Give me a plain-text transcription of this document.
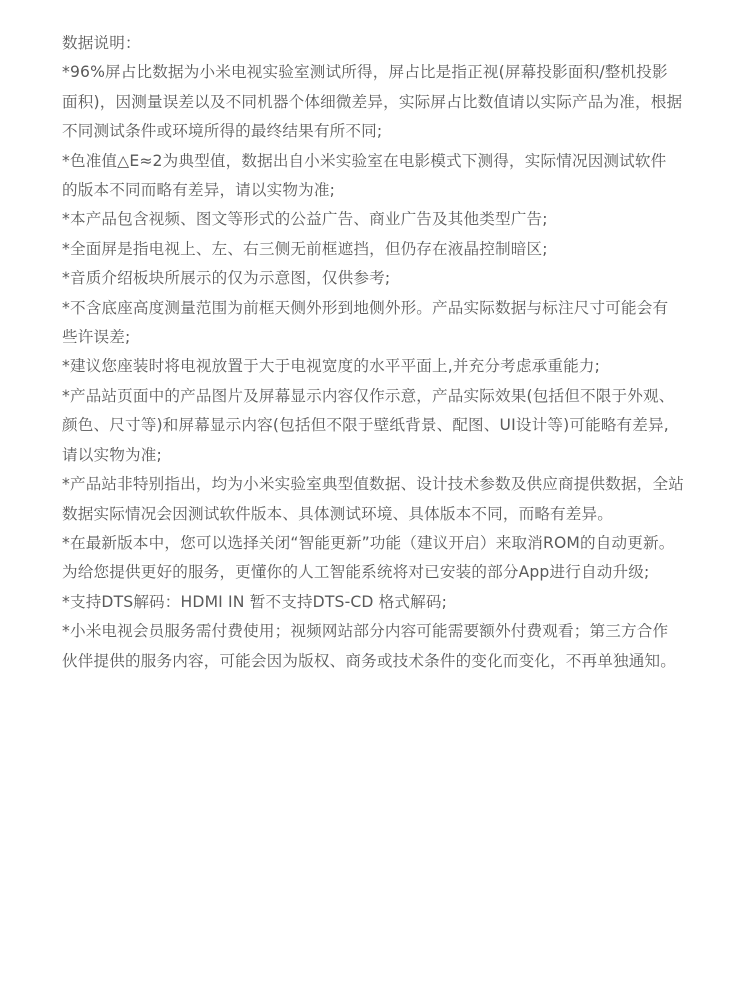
数据说明：

*96%屏占比数据为小米电视实验室测试所得，屏占比是指正视(屏幕投影面积/整机投影
面积)，因测量误差以及不同机器个体细微差异，实际屏占比数值请以实际产品为准，根据
不同测试条件或环境所得的最终结果有所不同;

*色准值△E≈2为典型值，数据出自小米实验室在电影模式下测得，实际情况因测试软件
的版本不同而略有差异，请以实物为准;

*本产品包含视频、图文等形式的公益广告、商业广告及其他类型广告;

*全面屏是指电视上、左、右三侧无前框遮挡，但仍存在液晶控制暗区;

*音质介绍板块所展示的仅为示意图，仅供参考;

*不含底座高度测量范围为前框天侧外形到地侧外形。产品实际数据与标注尺寸可能会有
些许误差;

*建议您座装时将电视放置于大于电视宽度的水平平面上,并充分考虑承重能力;

*产品站页面中的产品图片及屏幕显示内容仅作示意，产品实际效果(包括但不限于外观、
颜色、尺寸等)和屏幕显示内容(包括但不限于壁纸背景、配图、UI设计等)可能略有差异,
请以实物为准;

*产品站非特别指出，均为小米实验室典型值数据、设计技术参数及供应商提供数据，全站
数据实际情况会因测试软件版本、具体测试环境、具体版本不同，而略有差异。

*在最新版本中，您可以选择关闭“智能更新”功能（建议开启）来取消ROM的自动更新。
为给您提供更好的服务，更懂你的人工智能系统将对已安装的部分App进行自动升级;

*支持DTS解码：HDMI IN 暂不支持DTS-CD 格式解码;

*小米电视会员服务需付费使用；视频网站部分内容可能需要额外付费观看；第三方合作
伙伴提供的服务内容，可能会因为版权、商务或技术条件的变化而变化，不再单独通知。
